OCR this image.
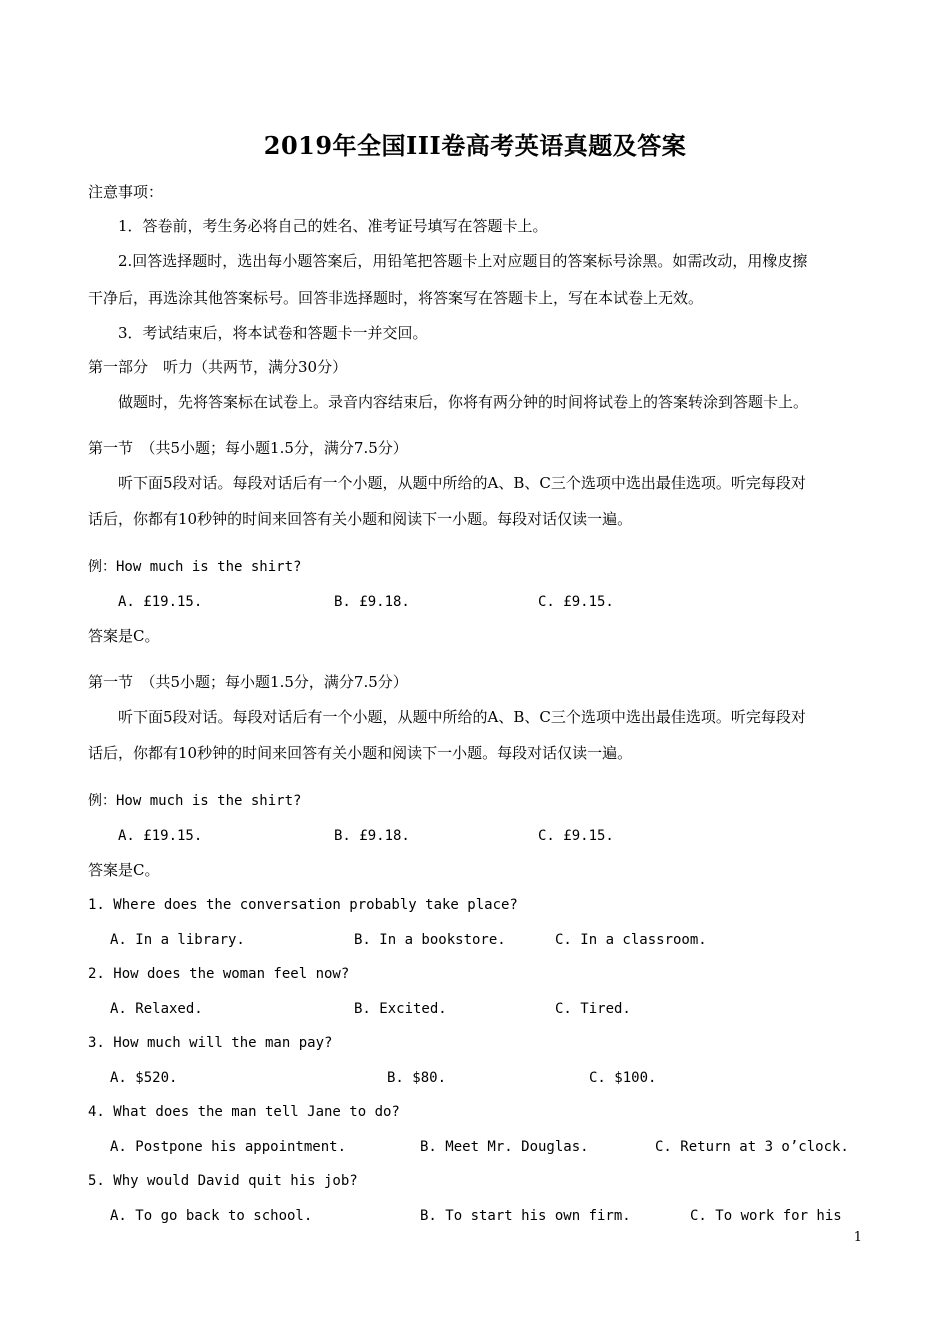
2019年全国III卷高考英语真题及答案
注意事项：
1．答卷前，考生务必将自己的姓名、准考证号填写在答题卡上。
2.回答选择题时，选出每小题答案后，用铅笔把答题卡上对应题目的答案标号涂黑。如需改动，用橡皮擦
干净后，再选涂其他答案标号。回答非选择题时，将答案写在答题卡上，写在本试卷上无效。
3．考试结束后，将本试卷和答题卡一并交回。
第一部分　听力（共两节，满分30分）
做题时，先将答案标在试卷上。录音内容结束后，你将有两分钟的时间将试卷上的答案转涂到答题卡上。
第一节　（共5小题；每小题1.5分，满分7.5分）
听下面5段对话。每段对话后有一个小题，从题中所给的A、B、C三个选项中选出最佳选项。听完每段对
话后，你都有10秒钟的时间来回答有关小题和阅读下一小题。每段对话仅读一遍。
例：How much is the shirt?
A. £19.15.	B. £9.18.	C. £9.15.
答案是C。
第一节　（共5小题；每小题1.5分，满分7.5分）
听下面5段对话。每段对话后有一个小题，从题中所给的A、B、C三个选项中选出最佳选项。听完每段对
话后，你都有10秒钟的时间来回答有关小题和阅读下一小题。每段对话仅读一遍。
例：How much is the shirt?
A. £19.15.	B. £9.18.	C. £9.15.
答案是C。
1. Where does the conversation probably take place?
A. In a library.	B. In a bookstore.	C. In a classroom.
2. How does the woman feel now?
A. Relaxed.	B. Excited.	C. Tired.
3. How much will the man pay?
A. $520.	B. $80.	C. $100.
4. What does the man tell Jane to do?
A. Postpone his appointment.	B. Meet Mr. Douglas.	C. Return at 3 o’clock.
5. Why would David quit his job?
A. To go back to school.	B. To start his own firm.	C. To work for his
1
